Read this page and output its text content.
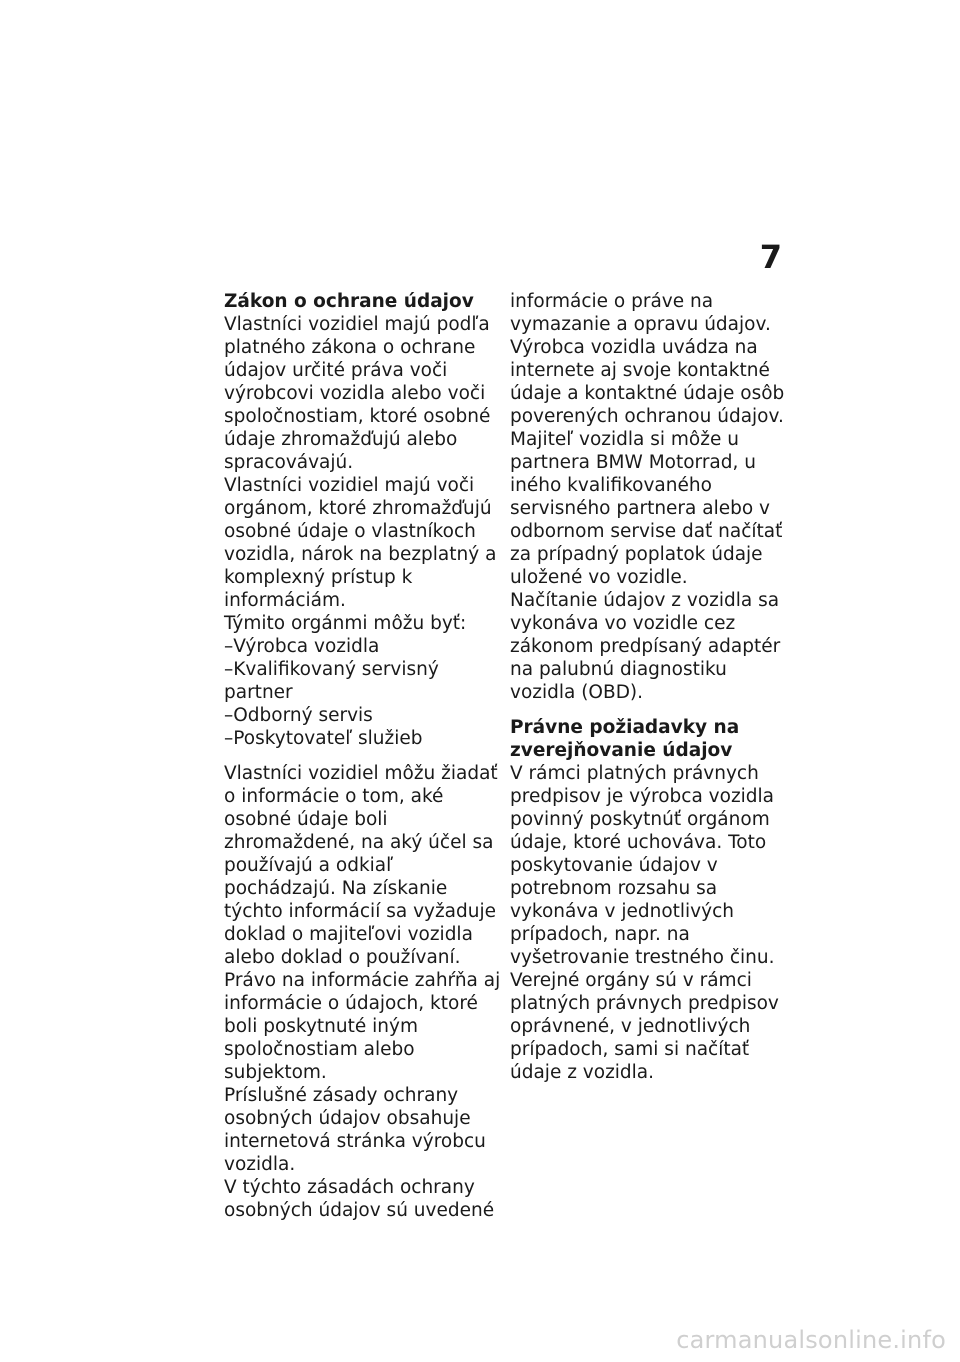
7

Zákon o ochrane údajov

Vlastníci vozidiel majú podľa platného zákona o ochrane údajov určité práva voči výrobcovi vozidla alebo voči spoločnostiam, ktoré osobné údaje zhromažďujú alebo spracovávajú.

Vlastníci vozidiel majú voči orgánom, ktoré zhromažďujú osobné údaje o vlastníkoch vozidla, nárok na bezplatný a komplexný prístup k informáciám.

Týmito orgánmi môžu byť:

–Výrobca vozidla
–Kvalifikovaný servisný partner
–Odborný servis
–Poskytovateľ služieb

Vlastníci vozidiel môžu žiadať o informácie o tom, aké osobné údaje boli zhromaždené, na aký účel sa používajú a odkiaľ pochádzajú. Na získanie týchto informácií sa vyžaduje doklad o majiteľovi vozidla alebo doklad o používaní.

Právo na informácie zahŕňa aj informácie o údajoch, ktoré boli poskytnuté iným spoločnostiam alebo subjektom.

Príslušné zásady ochrany osobných údajov obsahuje internetová stránka výrobcu vozidla.

V týchto zásadách ochrany osobných údajov sú uvedené

informácie o práve na vymazanie a opravu údajov. Výrobca vozidla uvádza na internete aj svoje kontaktné údaje a kontaktné údaje osôb poverených ochranou údajov.

Majiteľ vozidla si môže u partnera BMW Motorrad, u iného kvalifikovaného servisného partnera alebo v odbornom servise dať načítať za prípadný poplatok údaje uložené vo vozidle.

Načítanie údajov z vozidla sa vykonáva vo vozidle cez zákonom predpísaný adaptér na palubnú diagnostiku vozidla (OBD).

Právne požiadavky na zverejňovanie údajov

V rámci platných právnych predpisov je výrobca vozidla povinný poskytnúť orgánom údaje, ktoré uchováva. Toto poskytovanie údajov v potrebnom rozsahu sa vykonáva v jednotlivých prípadoch, napr. na vyšetrovanie trestného činu.

Verejné orgány sú v rámci platných právnych predpisov oprávnené, v jednotlivých prípadoch, sami si načítať údaje z vozidla.

carmanualsonline.info
